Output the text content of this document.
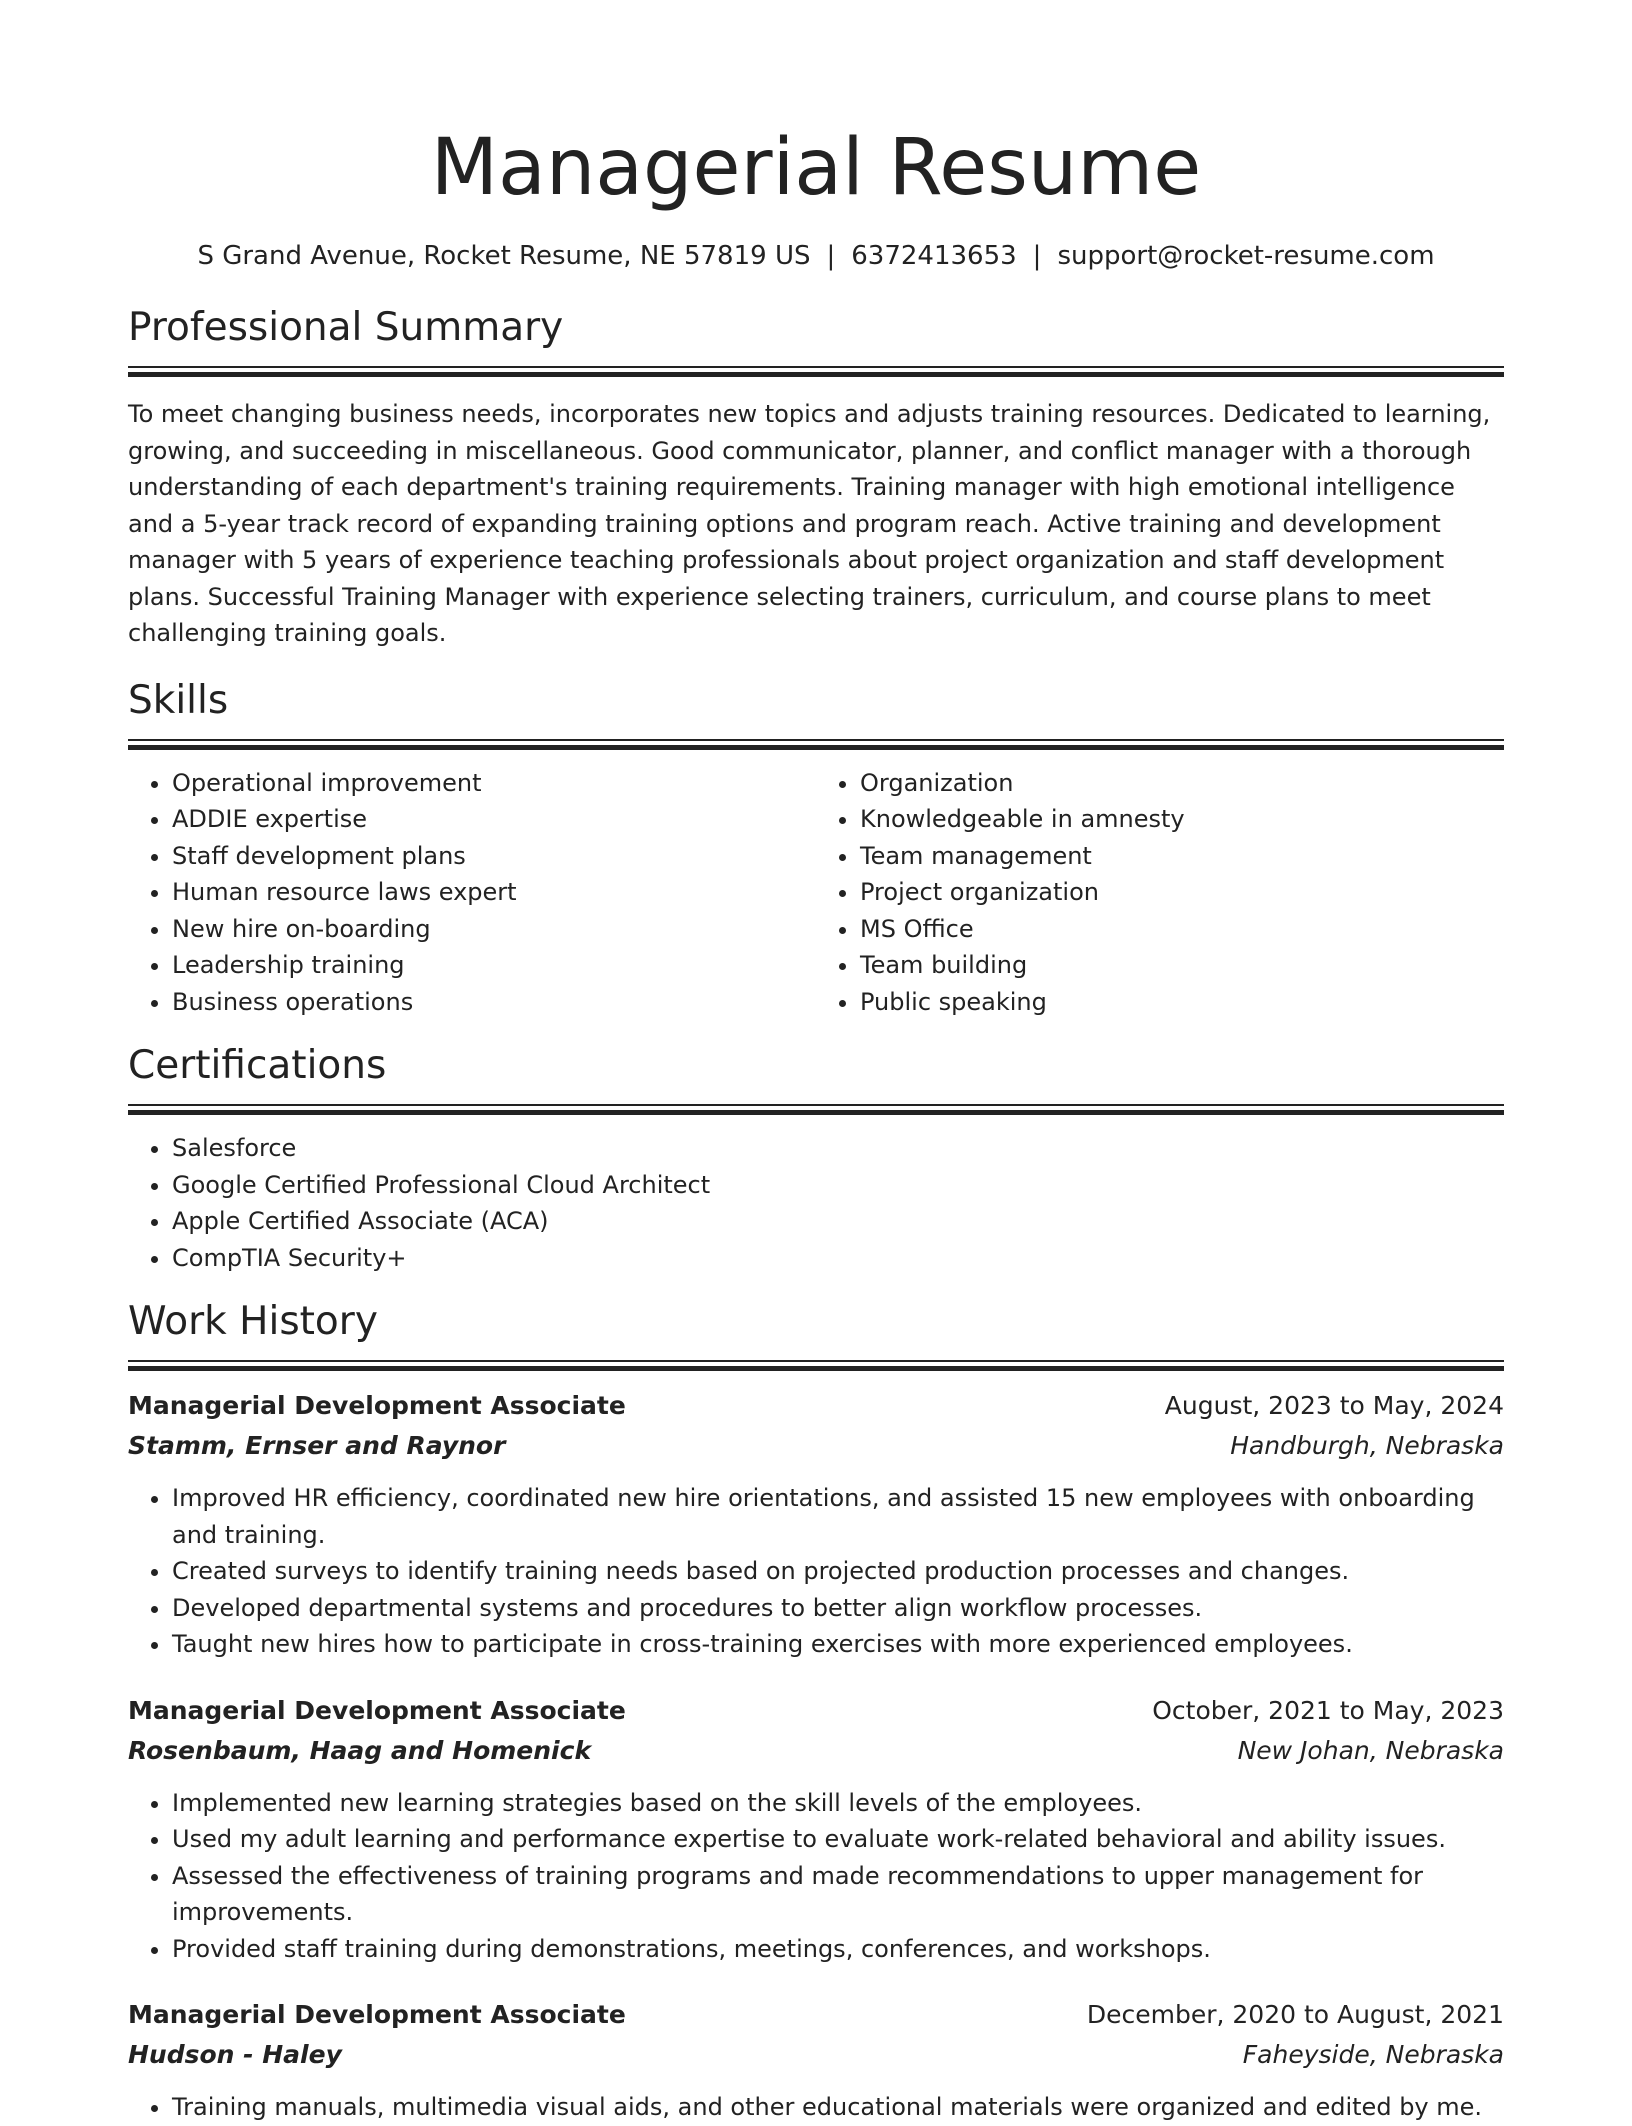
Managerial Resume
S Grand Avenue, Rocket Resume, NE 57819 US | 6372413653 | support@rocket-resume.com
Professional Summary

To meet changing business needs, incorporates new topics and adjusts training resources. Dedicated to learning, growing, and succeeding in miscellaneous. Good communicator, planner, and conflict manager with a thorough understanding of each department's training requirements. Training manager with high emotional intelligence and a 5-year track record of expanding training options and program reach. Active training and development manager with 5 years of experience teaching professionals about project organization and staff development plans. Successful Training Manager with experience selecting trainers, curriculum, and course plans to meet challenging training goals.

Skills
• Operational improvement
• ADDIE expertise
• Staff development plans
• Human resource laws expert
• New hire on-boarding
• Leadership training
• Business operations
• Organization
• Knowledgeable in amnesty
• Team management
• Project organization
• MS Office
• Team building
• Public speaking
Certifications
• Salesforce
• Google Certified Professional Cloud Architect
• Apple Certified Associate (ACA)
• CompTIA Security+
Work History
Managerial Development Associate	August, 2023 to May, 2024
Stamm, Ernser and Raynor	Handburgh, Nebraska
• Improved HR efficiency, coordinated new hire orientations, and assisted 15 new employees with onboarding and training.
• Created surveys to identify training needs based on projected production processes and changes.
• Developed departmental systems and procedures to better align workflow processes.
• Taught new hires how to participate in cross-training exercises with more experienced employees.
Managerial Development Associate	October, 2021 to May, 2023
Rosenbaum, Haag and Homenick	New Johan, Nebraska
• Implemented new learning strategies based on the skill levels of the employees.
• Used my adult learning and performance expertise to evaluate work-related behavioral and ability issues.
• Assessed the effectiveness of training programs and made recommendations to upper management for improvements.
• Provided staff training during demonstrations, meetings, conferences, and workshops.
Managerial Development Associate	December, 2020 to August, 2021
Hudson - Haley	Faheyside, Nebraska
• Training manuals, multimedia visual aids, and other educational materials were organized and edited by me.
